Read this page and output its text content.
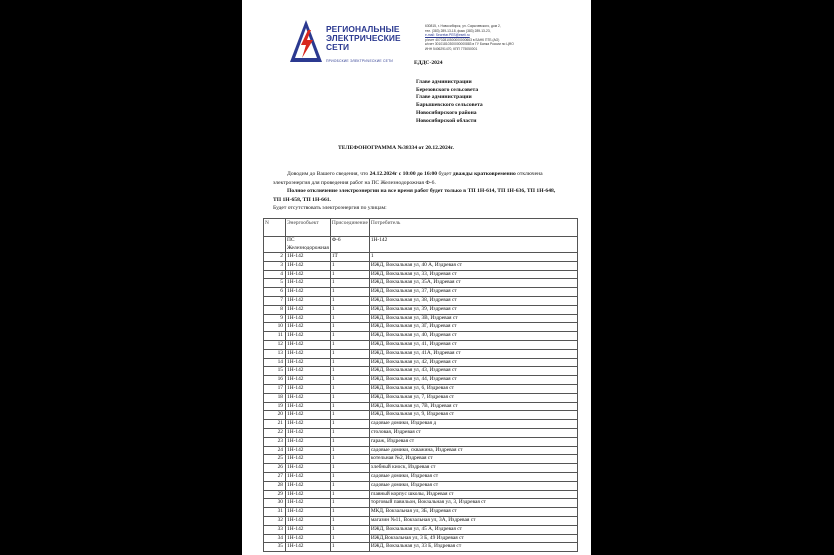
РЕГИОНАЛЬНЫЕ
ЭЛЕКТРИЧЕСКИЕ
СЕТИ
ПРИОБСКИЕ ЭЛЕКТРИЧЕСКИЕ СЕТИ
630815, г. Новосибирск, ул. Сарычевского, дом 2,
тел. (383) 289-13-18, факс (383) 289-13-23,
e-mail: Secretar.PES@eseti.ru
р/счет 40702810500000000663 в БАНК ПТБ (АО)
к/счет 30101810300000000883 в ГУ Банка России по ЦФО
ИНН 5406291470, КПП 775050001
ЕДДС-2024
Главе администрации
Березовского сельсовета
Главе администрации
Барышевского сельсовета
Новосибирского района
Новосибирской области
ТЕЛЕФОНОГРАММА №38334 от 20.12.2024г.

Доводим до Вашего сведения, что 24.12.2024г с 10:00 до 16:00 будет дважды кратковременно отключена электроэнергия для проведения работ на ПС Железнодорожная Ф-6.

Полное отключение электроэнергии на все время работ будет только в ТП 1Н-614, ТП 1Н-636, ТП 1Н-648, ТП 1Н-658, ТП 1Н-661.

Будет отсутствовать электроэнергия по улицам:

N	Энергообъект	Присоединение	Потребитель
	ПС Железнодорожная	Ф-6	1Н-142
2	1Н-142	1Т	1
3	1Н-142	1	ИЖД, Вокзальная ул, 40 А, Издревая ст
4	1Н-142	1	ИЖД, Вокзальная ул, 33, Издревая ст
5	1Н-142	1	ИЖД, Вокзальная ул, 35А, Издревая ст
6	1Н-142	1	ИЖД, Вокзальная ул, 37, Издревая ст
7	1Н-142	1	ИЖД, Вокзальная ул, 38, Издревая ст
8	1Н-142	1	ИЖД, Вокзальная ул, 39, Издревая ст
9	1Н-142	1	ИЖД, Вокзальная ул, 3В, Издревая ст
10	1Н-142	1	ИЖД, Вокзальная ул, 3Г, Издревая ст
11	1Н-142	1	ИЖД, Вокзальная ул, 40, Издревая ст
12	1Н-142	1	ИЖД, Вокзальная ул, 41, Издревая ст
13	1Н-142	1	ИЖД, Вокзальная ул, 41А, Издревая ст
14	1Н-142	1	ИЖД, Вокзальная ул, 42, Издревая ст
15	1Н-142	1	ИЖД, Вокзальная ул, 43, Издревая ст
16	1Н-142	1	ИЖД, Вокзальная ул, 44, Издревая ст
17	1Н-142	1	ИЖД, Вокзальная ул, 6, Издревая ст
18	1Н-142	1	ИЖД, Вокзальная ул, 7, Издревая ст
19	1Н-142	1	ИЖД, Вокзальная ул, 7В, Издревая ст
20	1Н-142	1	ИЖД, Вокзальная ул, 9, Издревая ст
21	1Н-142	1	садовые домики, Издревая д
22	1Н-142	1	столовая, Издревая ст
23	1Н-142	1	гараж, Издревая ст
24	1Н-142	1	садовые домики, скважина, Издревая ст
25	1Н-142	1	котельная №2, Издревая ст
26	1Н-142	1	хлебный киоск, Издревая ст
27	1Н-142	1	садовые домики, Издревая ст
28	1Н-142	1	садовые домики, Издревая ст
29	1Н-142	1	главный корпус школы, Издревая ст
30	1Н-142	1	торговый павильон, Вокзальная ул, 3, Издревая ст
31	1Н-142	1	МКД, Вокзальная ул, 3Б, Издревая ст
32	1Н-142	1	магазин №11, Вокзальная ул, 3А, Издревая ст
33	1Н-142	1	ИЖД, Вокзальная ул, 45 А, Издревая ст
34	1Н-142	1	ИЖД,Вокзальная ул, 3 Б, 49 Издревая ст
35	1Н-142	1	ИЖД, Вокзальная ул, 33 Б, Издревая ст
